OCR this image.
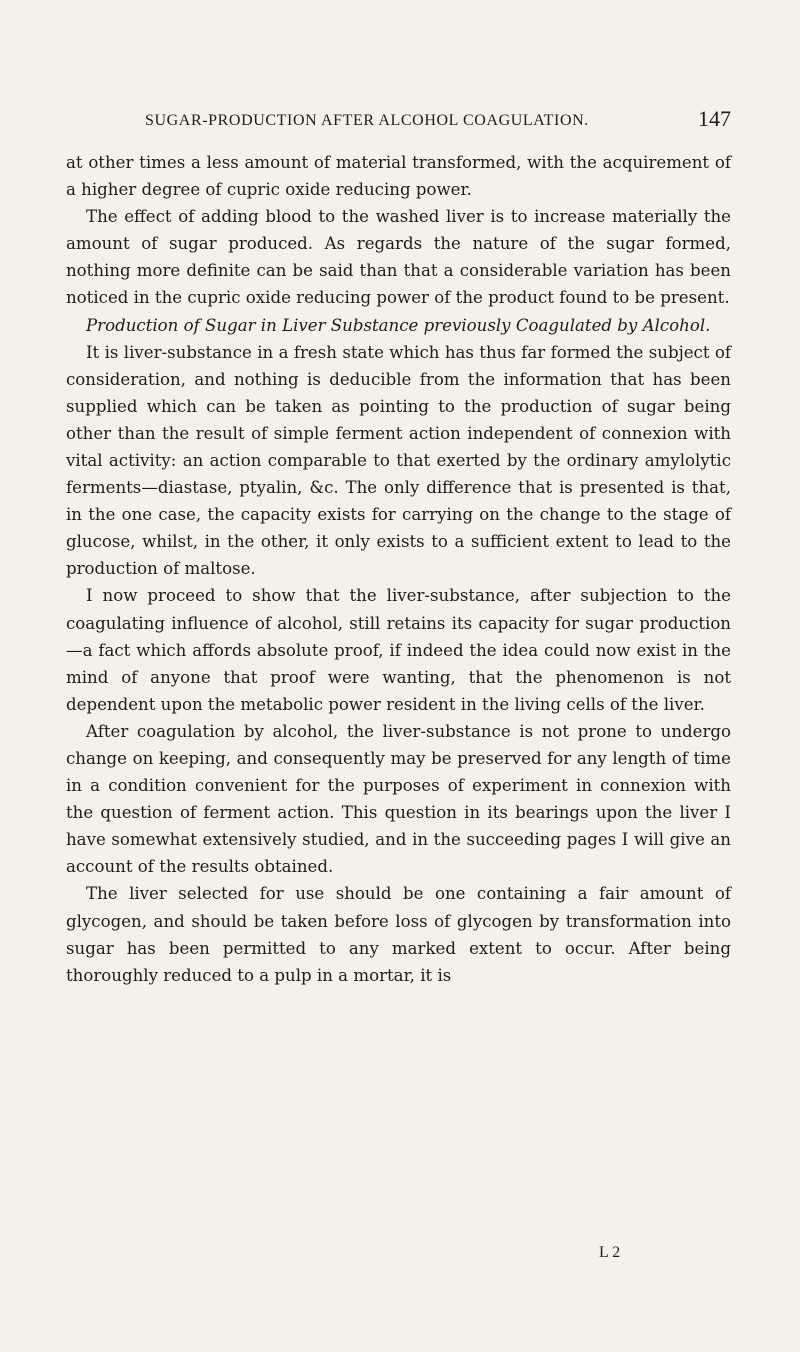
SUGAR-PRODUCTION AFTER ALCOHOL COAGULATION.	147

at other times a less amount of material transformed, with the acquirement of a higher degree of cupric oxide reducing power.

The effect of adding blood to the washed liver is to increase materially the amount of sugar produced. As regards the nature of the sugar formed, nothing more definite can be said than that a considerable variation has been noticed in the cupric oxide reducing power of the product found to be present.

Production of Sugar in Liver Substance previously Coagulated by Alcohol.

It is liver-substance in a fresh state which has thus far formed the subject of consideration, and nothing is deducible from the information that has been supplied which can be taken as pointing to the production of sugar being other than the result of simple ferment action independent of connexion with vital activity: an action comparable to that exerted by the ordinary amylolytic ferments—diastase, ptyalin, &c. The only difference that is presented is that, in the one case, the capacity exists for carrying on the change to the stage of glucose, whilst, in the other, it only exists to a sufficient extent to lead to the production of maltose.

I now proceed to show that the liver-substance, after subjection to the coagulating influence of alcohol, still retains its capacity for sugar production—a fact which affords absolute proof, if indeed the idea could now exist in the mind of anyone that proof were wanting, that the phenomenon is not dependent upon the metabolic power resident in the living cells of the liver.

After coagulation by alcohol, the liver-substance is not prone to undergo change on keeping, and consequently may be preserved for any length of time in a condition convenient for the purposes of experiment in connexion with the question of ferment action. This question in its bearings upon the liver I have somewhat extensively studied, and in the succeeding pages I will give an account of the results obtained.

The liver selected for use should be one containing a fair amount of glycogen, and should be taken before loss of glycogen by transformation into sugar has been permitted to any marked extent to occur. After being thoroughly reduced to a pulp in a mortar, it is

L 2
